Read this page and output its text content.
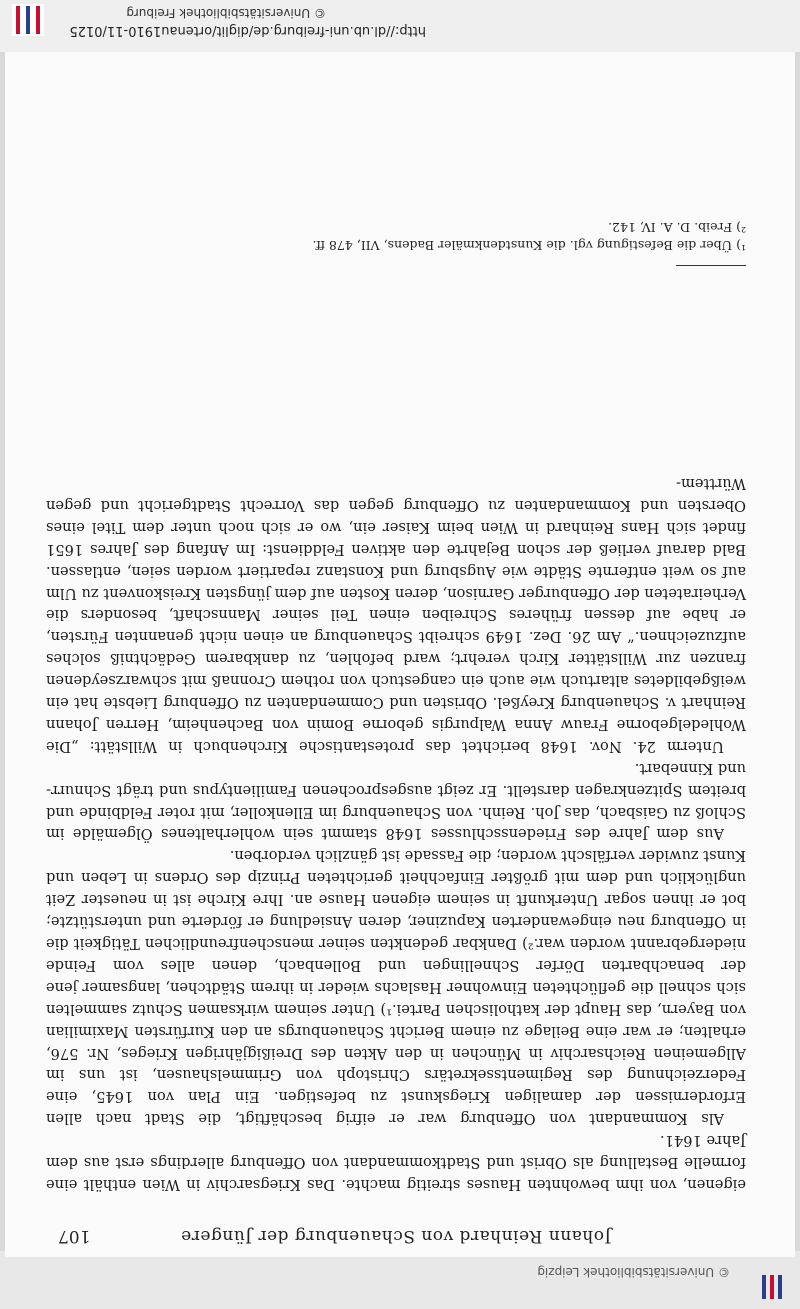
© Universitätsbibliothek Leipzig
Johann Reinhard von Schauenburg der Jüngere
107

eigenen, von ihm bewohnten Hauses streitig machte. Das Kriegsarchiv in Wien enthält eine formelle Bestallung als Obrist und Stadtkommandant von Offenburg allerdings erst aus dem Jahre 1641.

Als Kommandant von Offenburg war er eifrig beschäftigt, die Stadt nach allen Erfordernissen der damaligen Kriegskunst zu befestigen. Ein Plan von 1645, eine Federzeichnung des Regimentssekretärs Christoph von Grimmelshausen, ist uns im Allgemeinen Reichsarchiv in München in den Akten des Dreißigjährigen Krieges, Nr. 576, erhalten; er war eine Beilage zu einem Bericht Schauenburgs an den Kurfürsten Maximilian von Bayern, das Haupt der katholischen Partei.¹) Unter seinem wirksamen Schutz sammelten sich schnell die geflüchteten Einwohner Haslachs wieder in ihrem Städtchen, langsamer jene der benachbarten Dörfer Schnellingen und Bollenbach, denen alles vom Feinde niedergebrannt worden war.²) Dankbar gedenkten seiner menschenfreundlichen Tätigkeit die in Offenburg neu eingewanderten Kapuziner, deren Ansiedlung er förderte und unterstützte; bot er ihnen sogar Unterkunft in seinem eigenen Hause an. Ihre Kirche ist in neuester Zeit unglücklich und dem mit größter Einfachheit gerichteten Prinzip des Ordens in Leben und Kunst zuwider verfälscht worden; die Fassade ist gänzlich verdorben.

Aus dem Jahre des Friedensschlusses 1648 stammt sein wohlerhaltenes Ölgemälde im Schloß zu Gaisbach, das Joh. Reinh. von Schauenburg im Ellenkoller, mit roter Feldbinde und breitem Spitzenkragen darstellt. Er zeigt ausgesprochenen Familientypus und trägt Schnurr- und Kinnebart.

Unterm 24. Nov. 1648 berichtet das protestantische Kirchenbuch in Willstätt: „Die Wohledelgeborne Frauw Anna Walpurgis geborne Bomin von Bachenheim, Herren Johann Reinhart v. Schauenburg Kreyßel. Obristen und Commendanten zu Offenburg Liebste hat ein weißgebildetes altartuch wie auch ein cangestuch von rothem Cronnaß mit schwarzseydenen franzen zur Willstätter Kirch verehrt; ward befohlen, zu dankbarem Gedächtniß solches aufzuzeichnen.“ Am 26. Dez. 1649 schreibt Schauenburg an einen nicht genannten Fürsten, er habe auf dessen früheres Schreiben einen Teil seiner Mannschaft, besonders die Verheirateten der Offenburger Garnison, deren Kosten auf dem jüngsten Kreiskonvent zu Ulm auf so weit entfernte Städte wie Augsburg und Konstanz repartiert worden seien, entlassen. Bald darauf verließ der schon Bejahrte den aktiven Felddienst: Im Anfang des Jahres 1651 findet sich Hans Reinhard in Wien beim Kaiser ein, wo er sich noch unter dem Titel eines Obersten und Kommandanten zu Offenburg gegen das Vorrecht Stadtgericht und gegen Württem-

¹) Über die Befestigung vgl. die Kunstdenkmäler Badens, VII, 478 ff.
²) Freib. D. A. IV, 142.
http://dl.ub.uni-freiburg.de/diglit/ortenau1910-11/0125
© Universitätsbibliothek Freiburg
